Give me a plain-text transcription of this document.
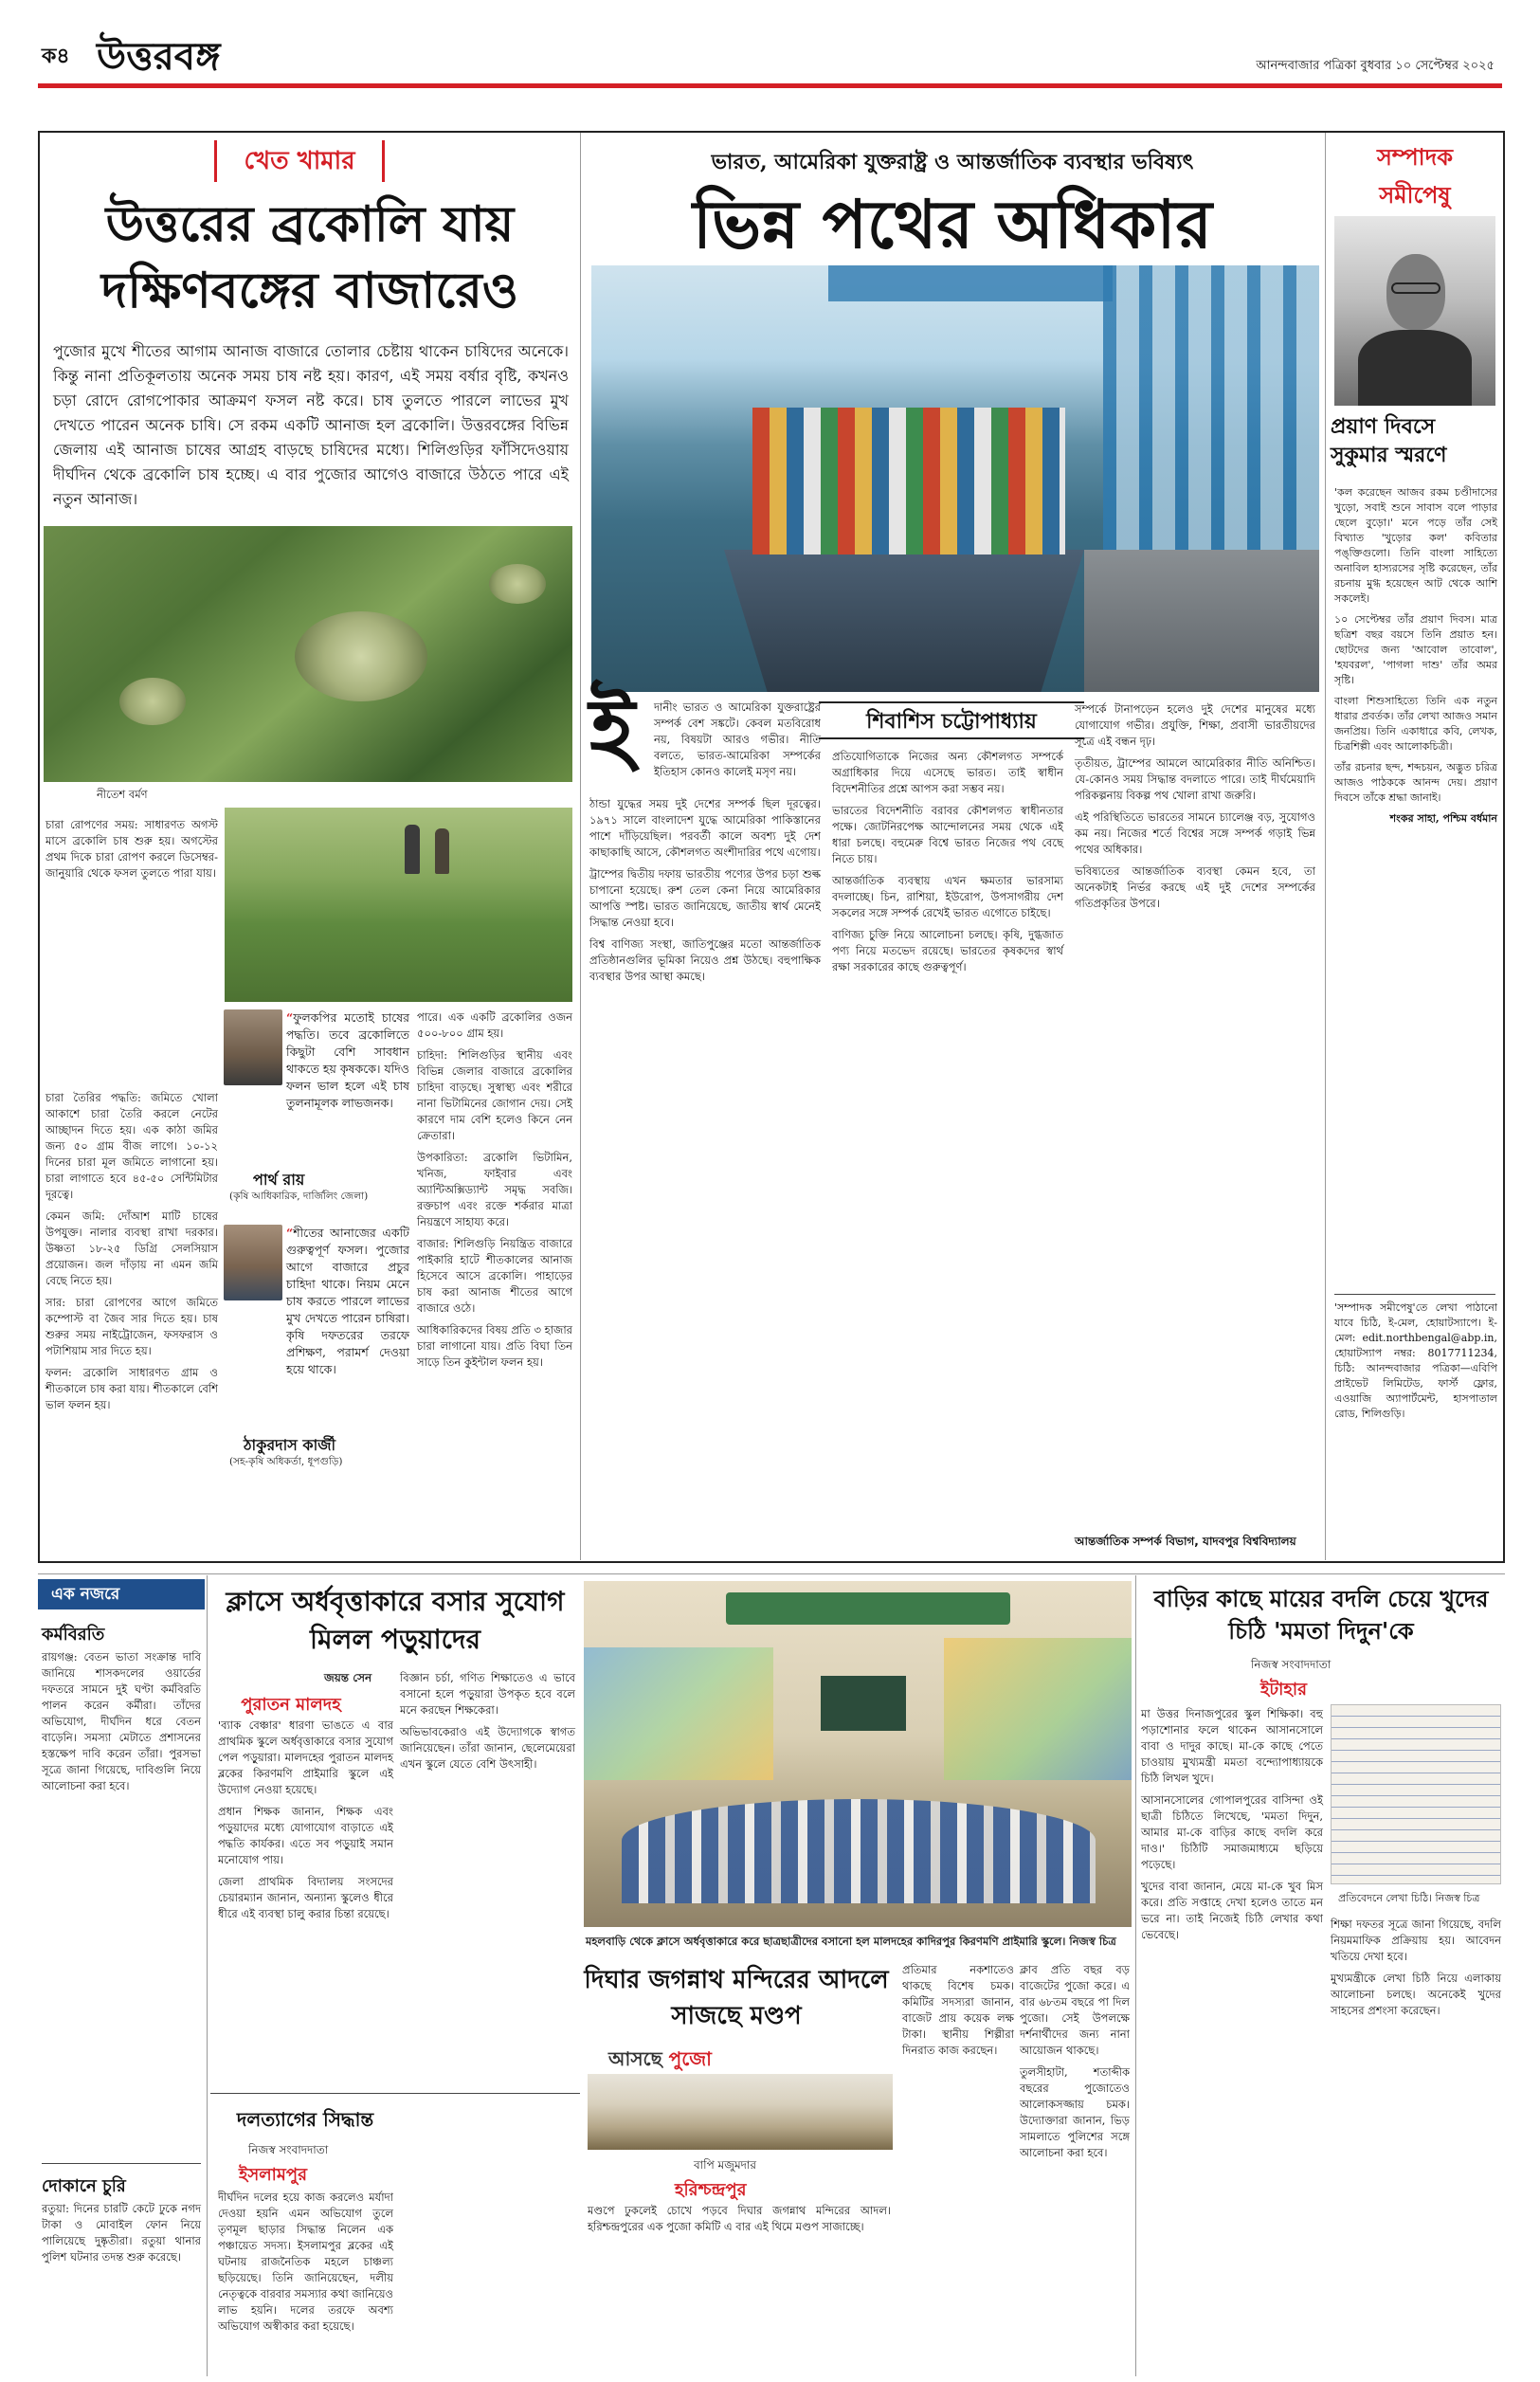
ক৪ উত্তরবঙ্গ	আনন্দবাজার পত্রিকা বুধবার ১০ সেপ্টেম্বর ২০২৫
খেত খামার
উত্তরের ব্রকোলি যায় দক্ষিণবঙ্গের বাজারেও
পুজোর মুখে শীতের আগাম আনাজ বাজারে তোলার চেষ্টায় থাকেন চাষিদের অনেকে। কিন্তু নানা প্রতিকূলতায় অনেক সময় চাষ নষ্ট হয়। কারণ, এই সময় বর্ষার বৃষ্টি, কখনও চড়া রোদে রোগপোকার আক্রমণ ফসল নষ্ট করে। চাষ তুলতে পারলে লাভের মুখ দেখতে পারেন অনেক চাষি। সে রকম একটি আনাজ হল ব্রকোলি। উত্তরবঙ্গের বিভিন্ন জেলায় এই আনাজ চাষের আগ্রহ বাড়ছে চাষিদের মধ্যে। শিলিগুড়ির ফাঁসিদেওয়ায় দীর্ঘদিন থেকে ব্রকোলি চাষ হচ্ছে। এ বার পুজোর আগেও বাজারে উঠতে পারে এই নতুন আনাজ।
নীতেশ বর্মণ

চারা রোপণের সময়: সাধারণত অগস্ট মাসে ব্রকোলি চাষ শুরু হয়। অগস্টের প্রথম দিকে চারা রোপণ করলে ডিসেম্বর-জানুয়ারি থেকে ফসল তুলতে পারা যায়।

চারা তৈরির পদ্ধতি: জমিতে খোলা আকাশে চারা তৈরি করলে নেটের আচ্ছাদন দিতে হয়। এক কাঠা জমির জন্য ৫০ গ্রাম বীজ লাগে। ১০-১২ দিনের চারা মূল জমিতে লাগানো হয়। চারা লাগাতে হবে ৪৫-৫০ সেন্টিমিটার দূরত্বে।

কেমন জমি: দোঁআশ মাটি চাষের উপযুক্ত। নালার ব্যবস্থা রাখা দরকার। উষ্ণতা ১৮-২৫ ডিগ্রি সেলসিয়াস প্রয়োজন। জল দাঁড়ায় না এমন জমি বেছে নিতে হয়।

সার: চারা রোপণের আগে জমিতে কম্পোস্ট বা জৈব সার দিতে হয়। চাষ শুরুর সময় নাইট্রোজেন, ফসফরাস ও পটাশিয়াম সার দিতে হয়।

ফলন: ব্রকোলি সাধারণত গ্রাম ও শীতকালে চাষ করা যায়। শীতকালে বেশি ভাল ফলন হয়।

“ফুলকপির মতোই চাষের পদ্ধতি। তবে ব্রকোলিতে কিছুটা বেশি সাবধান থাকতে হয় কৃষককে। যদিও ফলন ভাল হলে এই চাষ তুলনামূলক লাভজনক।
পার্থ রায়
(কৃষি আধিকারিক, দার্জিলিং জেলা)
“শীতের আনাজের একটি গুরুত্বপূর্ণ ফসল। পুজোর আগে বাজারে প্রচুর চাহিদা থাকে। নিয়ম মেনে চাষ করতে পারলে লাভের মুখ দেখতে পারেন চাষিরা। কৃষি দফতরের তরফে প্রশিক্ষণ, পরামর্শ দেওয়া হয়ে থাকে।
ঠাকুরদাস কার্জী
(সহ-কৃষি অধিকর্তা, ধূপগুড়ি)

পারে। এক একটি ব্রকোলির ওজন ৫০০-৮০০ গ্রাম হয়।

চাহিদা: শিলিগুড়ির স্থানীয় এবং বিভিন্ন জেলার বাজারে ব্রকোলির চাহিদা বাড়ছে। সুস্বাস্থ্য এবং শরীরে নানা ভিটামিনের জোগান দেয়। সেই কারণে দাম বেশি হলেও কিনে নেন ক্রেতারা।

উপকারিতা: ব্রকোলি ভিটামিন, খনিজ, ফাইবার এবং অ্যান্টিঅক্সিড্যান্ট সমৃদ্ধ সবজি। রক্তচাপ এবং রক্তে শর্করার মাত্রা নিয়ন্ত্রণে সাহায্য করে।

বাজার: শিলিগুড়ি নিয়ন্ত্রিত বাজারে পাইকারি হাটে শীতকালের আনাজ হিসেবে আসে ব্রকোলি। পাহাড়ের চাষ করা আনাজ শীতের আগে বাজারে ওঠে।

আধিকারিকদের বিষয় প্রতি ৩ হাজার চারা লাগানো যায়। প্রতি বিঘা তিন সাড়ে তিন কুইন্টাল ফলন হয়।

ভারত, আমেরিকা যুক্তরাষ্ট্র ও আন্তর্জাতিক ব্যবস্থার ভবিষ্যৎ
ভিন্ন পথের অধিকার
শিবাশিস চট্টোপাধ্যায়
ই দানীং ভারত ও আমেরিকা যুক্তরাষ্ট্রের সম্পর্ক বেশ সঙ্কটে। কেবল মতবিরোধ নয়, বিষয়টা আরও গভীর। নীতি বলতে, ভারত-আমেরিকা সম্পর্কের ইতিহাস কোনও কালেই মসৃণ নয়।

ঠান্ডা যুদ্ধের সময় দুই দেশের সম্পর্ক ছিল দূরত্বের। ১৯৭১ সালে বাংলাদেশ যুদ্ধে আমেরিকা পাকিস্তানের পাশে দাঁড়িয়েছিল। পরবর্তী কালে অবশ্য দুই দেশ কাছাকাছি আসে, কৌশলগত অংশীদারির পথে এগোয়।

ট্রাম্পের দ্বিতীয় দফায় ভারতীয় পণ্যের উপর চড়া শুল্ক চাপানো হয়েছে। রুশ তেল কেনা নিয়ে আমেরিকার আপত্তি স্পষ্ট। ভারত জানিয়েছে, জাতীয় স্বার্থ মেনেই সিদ্ধান্ত নেওয়া হবে।

বিশ্ব বাণিজ্য সংস্থা, জাতিপুঞ্জের মতো আন্তর্জাতিক প্রতিষ্ঠানগুলির ভূমিকা নিয়েও প্রশ্ন উঠছে। বহুপাক্ষিক ব্যবস্থার উপর আস্থা কমছে।

প্রতিযোগিতাকে নিজের অন্য কৌশলগত সম্পর্কে অগ্রাধিকার দিয়ে এসেছে ভারত। তাই স্বাধীন বিদেশনীতির প্রশ্নে আপস করা সম্ভব নয়।

ভারতের বিদেশনীতি বরাবর কৌশলগত স্বাধীনতার পক্ষে। জোটনিরপেক্ষ আন্দোলনের সময় থেকে এই ধারা চলছে। বহুমেরু বিশ্বে ভারত নিজের পথ বেছে নিতে চায়।

আন্তর্জাতিক ব্যবস্থায় এখন ক্ষমতার ভারসাম্য বদলাচ্ছে। চিন, রাশিয়া, ইউরোপ, উপসাগরীয় দেশ সকলের সঙ্গে সম্পর্ক রেখেই ভারত এগোতে চাইছে।

বাণিজ্য চুক্তি নিয়ে আলোচনা চলছে। কৃষি, দুগ্ধজাত পণ্য নিয়ে মতভেদ রয়েছে। ভারতের কৃষকদের স্বার্থ রক্ষা সরকারের কাছে গুরুত্বপূর্ণ।

সম্পর্কে টানাপড়েন হলেও দুই দেশের মানুষের মধ্যে যোগাযোগ গভীর। প্রযুক্তি, শিক্ষা, প্রবাসী ভারতীয়দের সূত্রে এই বন্ধন দৃঢ়।

তৃতীয়ত, ট্রাম্পের আমলে আমেরিকার নীতি অনিশ্চিত। যে-কোনও সময় সিদ্ধান্ত বদলাতে পারে। তাই দীর্ঘমেয়াদি পরিকল্পনায় বিকল্প পথ খোলা রাখা জরুরি।

এই পরিস্থিতিতে ভারতের সামনে চ্যালেঞ্জ বড়, সুযোগও কম নয়। নিজের শর্তে বিশ্বের সঙ্গে সম্পর্ক গড়াই ভিন্ন পথের অধিকার।

ভবিষ্যতের আন্তর্জাতিক ব্যবস্থা কেমন হবে, তা অনেকটাই নির্ভর করছে এই দুই দেশের সম্পর্কের গতিপ্রকৃতির উপরে।

আন্তর্জাতিক সম্পর্ক বিভাগ, যাদবপুর বিশ্ববিদ্যালয়
সম্পাদক
সমীপেষু
প্রয়াণ দিবসে সুকুমার স্মরণে

'কল করেছেন আজব রকম চণ্ডীদাসের খুড়ো, সবাই শুনে সাবাস বলে পাড়ার ছেলে বুড়ো।' মনে পড়ে তাঁর সেই বিখ্যাত 'খুড়োর কল' কবিতার পঙ্‌ক্তিগুলো। তিনি বাংলা সাহিত্যে অনাবিল হাস্যরসের সৃষ্টি করেছেন, তাঁর রচনায় মুগ্ধ হয়েছেন আট থেকে আশি সকলেই।

১০ সেপ্টেম্বর তাঁর প্রয়াণ দিবস। মাত্র ছত্রিশ বছর বয়সে তিনি প্রয়াত হন। ছোটদের জন্য 'আবোল তাবোল', 'হযবরল', 'পাগলা দাশু' তাঁর অমর সৃষ্টি।

বাংলা শিশুসাহিত্যে তিনি এক নতুন ধারার প্রবর্তক। তাঁর লেখা আজও সমান জনপ্রিয়। তিনি একাধারে কবি, লেখক, চিত্রশিল্পী এবং আলোকচিত্রী।

তাঁর রচনার ছন্দ, শব্দচয়ন, অদ্ভুত চরিত্র আজও পাঠককে আনন্দ দেয়। প্রয়াণ দিবসে তাঁকে শ্রদ্ধা জানাই।

শংকর সাহা, পশ্চিম বর্ধমান

'সম্পাদক সমীপেষু'তে লেখা পাঠানো যাবে চিঠি, ই-মেল, হোয়াটস্যাপে। ই-মেল: edit.northbengal@abp.in, হোয়াটস্যাপ নম্বর: 8017711234, চিঠি: আনন্দবাজার পত্রিকা—এবিপি প্রাইভেট লিমিটেড, ফার্স্ট ফ্লোর, এওয়াজি অ্যাপার্টমেন্ট, হাসপাতাল রোড, শিলিগুড়ি।
এক নজরে
কর্মবিরতি
রায়গঞ্জ: বেতন ভাতা সংক্রান্ত দাবি জানিয়ে শাসকদলের ওয়ার্ডের দফতরে সামনে দুই ঘণ্টা কর্মবিরতি পালন করেন কর্মীরা। তাঁদের অভিযোগ, দীর্ঘদিন ধরে বেতন বাড়েনি। সমস্যা মেটাতে প্রশাসনের হস্তক্ষেপ দাবি করেন তাঁরা। পুরসভা সূত্রে জানা গিয়েছে, দাবিগুলি নিয়ে আলোচনা করা হবে।
দোকানে চুরি
রতুয়া: দিনের চারটি কেটে ঢুকে নগদ টাকা ও মোবাইল ফোন নিয়ে পালিয়েছে দুষ্কৃতীরা। রতুয়া থানার পুলিশ ঘটনার তদন্ত শুরু করেছে।
ক্লাসে অর্ধবৃত্তাকারে বসার সুযোগ মিলল পড়ুয়াদের
জয়ন্ত সেন
পুরাতন মালদহ

'ব্যাক বেঞ্চার' ধারণা ভাঙতে এ বার প্রাথমিক স্কুলে অর্ধবৃত্তাকারে বসার সুযোগ পেল পড়ুয়ারা। মালদহের পুরাতন মালদহ ব্লকের কিরণমণি প্রাইমারি স্কুলে এই উদ্যোগ নেওয়া হয়েছে।

প্রধান শিক্ষক জানান, শিক্ষক এবং পড়ুয়াদের মধ্যে যোগাযোগ বাড়াতে এই পদ্ধতি কার্যকর। এতে সব পড়ুয়াই সমান মনোযোগ পায়।

জেলা প্রাথমিক বিদ্যালয় সংসদের চেয়ারম্যান জানান, অন্যান্য স্কুলেও ধীরে ধীরে এই ব্যবস্থা চালু করার চিন্তা রয়েছে।

বিজ্ঞান চর্চা, গণিত শিক্ষাতেও এ ভাবে বসানো হলে পড়ুয়ারা উপকৃত হবে বলে মনে করছেন শিক্ষকেরা।

অভিভাবকেরাও এই উদ্যোগকে স্বাগত জানিয়েছেন। তাঁরা জানান, ছেলেমেয়েরা এখন স্কুলে যেতে বেশি উৎসাহী।

মহলবাড়ি থেকে ক্লাসে অর্ধবৃত্তাকারে করে ছাত্রছাত্রীদের বসানো হল মালদহের কাদিরপুর কিরণমণি প্রাইমারি স্কুলে। নিজস্ব চিত্র
দলত্যাগের সিদ্ধান্ত
নিজস্ব সংবাদদাতা
ইসলামপুর
দীর্ঘদিন দলের হয়ে কাজ করলেও মর্যাদা দেওয়া হয়নি এমন অভিযোগ তুলে তৃণমূল ছাড়ার সিদ্ধান্ত নিলেন এক পঞ্চায়েত সদস্য। ইসলামপুর ব্লকের এই ঘটনায় রাজনৈতিক মহলে চাঞ্চল্য ছড়িয়েছে। তিনি জানিয়েছেন, দলীয় নেতৃত্বকে বারবার সমস্যার কথা জানিয়েও লাভ হয়নি। দলের তরফে অবশ্য অভিযোগ অস্বীকার করা হয়েছে।
দিঘার জগন্নাথ মন্দিরের আদলে সাজছে মণ্ডপ
আসছে পুজো
বাপি মজুমদার
হরিশ্চন্দ্রপুর

মণ্ডপে ঢুকলেই চোখে পড়বে দিঘার জগন্নাথ মন্দিরের আদল। হরিশ্চন্দ্রপুরের এক পুজো কমিটি এ বার এই থিমে মণ্ডপ সাজাচ্ছে।

প্রতিমার নকশাতেও থাকছে বিশেষ চমক। কমিটির সদস্যরা জানান, বাজেট প্রায় কয়েক লক্ষ টাকা। স্থানীয় শিল্পীরা দিনরাত কাজ করছেন।

ক্লাব প্রতি বছর বড় বাজেটের পুজো করে। এ বার ৬৮তম বছরে পা দিল পুজো। সেই উপলক্ষে দর্শনার্থীদের জন্য নানা আয়োজন থাকছে।

তুলসীহাটা, শতাব্দীক বছরের পুজোতেও আলোকসজ্জায় চমক। উদ্যোক্তারা জানান, ভিড় সামলাতে পুলিশের সঙ্গে আলোচনা করা হবে।

বাড়ির কাছে মায়ের বদলি চেয়ে খুদের চিঠি 'মমতা দিদুন'কে
নিজস্ব সংবাদদাতা
ইটাহার
প্রতিবেদনে লেখা চিঠি। নিজস্ব চিত্র

মা উত্তর দিনাজপুরের স্কুল শিক্ষিকা। বহু পড়াশোনার ফলে থাকেন আসানসোলে বাবা ও দাদুর কাছে। মা-কে কাছে পেতে চাওয়ায় মুখ্যমন্ত্রী মমতা বন্দ্যোপাধ্যায়কে চিঠি লিখল খুদে।

আসানসোলের গোপালপুরের বাসিন্দা ওই ছাত্রী চিঠিতে লিখেছে, 'মমতা দিদুন, আমার মা-কে বাড়ির কাছে বদলি করে দাও।' চিঠিটি সমাজমাধ্যমে ছড়িয়ে পড়েছে।

খুদের বাবা জানান, মেয়ে মা-কে খুব মিস করে। প্রতি সপ্তাহে দেখা হলেও তাতে মন ভরে না। তাই নিজেই চিঠি লেখার কথা ভেবেছে।

শিক্ষা দফতর সূত্রে জানা গিয়েছে, বদলি নিয়মমাফিক প্রক্রিয়ায় হয়। আবেদন খতিয়ে দেখা হবে।

মুখ্যমন্ত্রীকে লেখা চিঠি নিয়ে এলাকায় আলোচনা চলছে। অনেকেই খুদের সাহসের প্রশংসা করেছেন।
